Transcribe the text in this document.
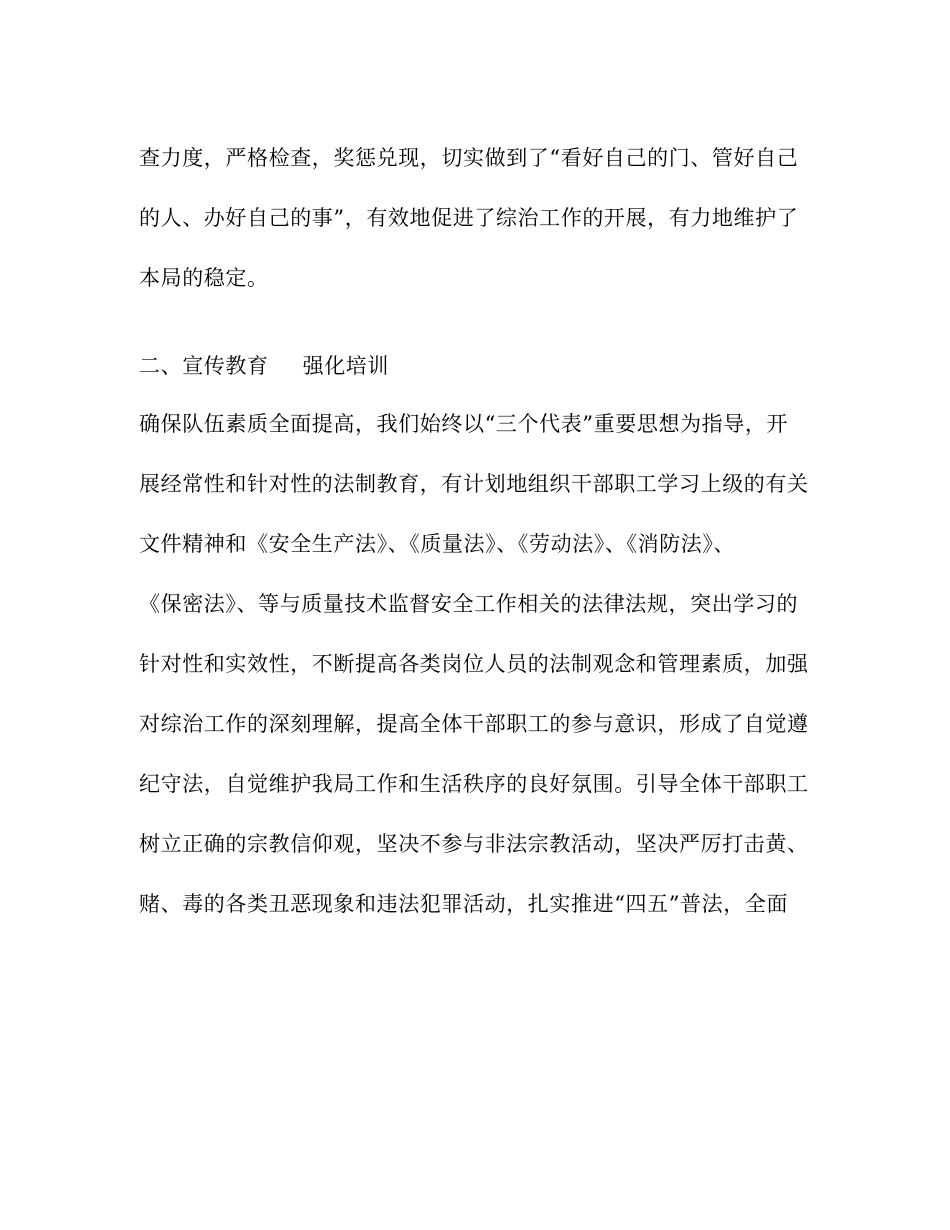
查力度，严格检查，奖惩兑现，切实做到了“看好自己的门、管好自己
的人、办好自己的事”，有效地促进了综治工作的开展，有力地维护了
本局的稳定。

二、宣传教育 强化培训

确保队伍素质全面提高，我们始终以“三个代表”重要思想为指导，开
展经常性和针对性的法制教育，有计划地组织干部职工学习上级的有关
文件精神和《安全生产法》、《质量法》、《劳动法》、《消防法》、
《保密法》、等与质量技术监督安全工作相关的法律法规，突出学习的
针对性和实效性，不断提高各类岗位人员的法制观念和管理素质，加强
对综治工作的深刻理解，提高全体干部职工的参与意识，形成了自觉遵
纪守法，自觉维护我局工作和生活秩序的良好氛围。引导全体干部职工
树立正确的宗教信仰观，坚决不参与非法宗教活动，坚决严厉打击黄、
赌、毒的各类丑恶现象和违法犯罪活动，扎实推进“四五”普法，全面
